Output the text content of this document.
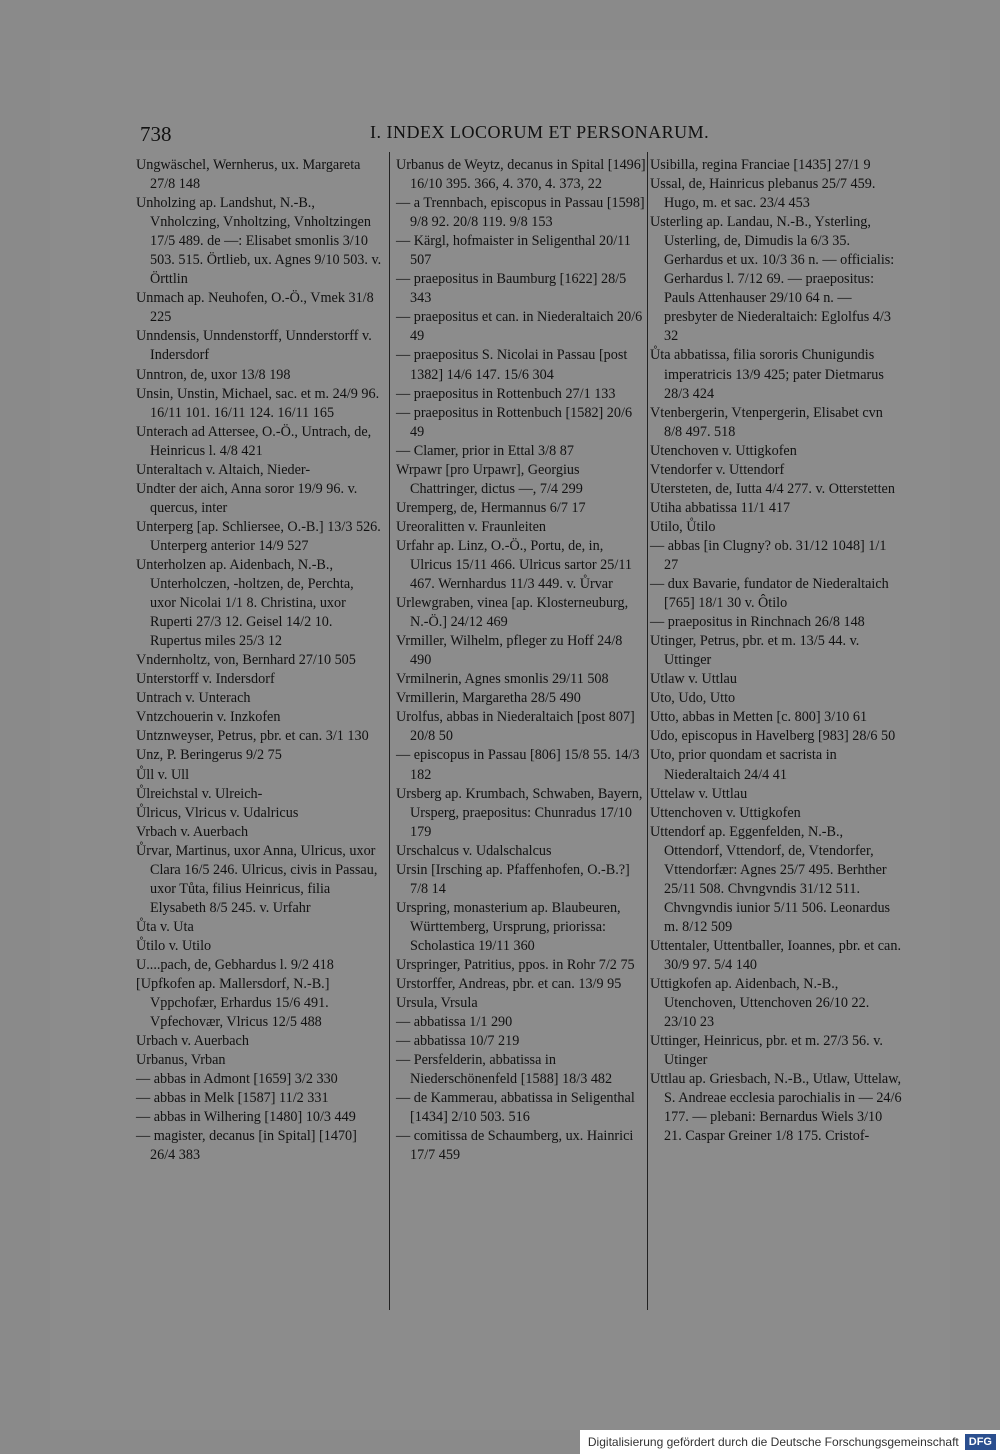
738	I. INDEX LOCORUM ET PERSONARUM.

Ungwäschel, Wernherus, ux. Margareta 27/8 148

Unholzing ap. Landshut, N.-B., Vnholczing, Vnholtzing, Vnholtzingen 17/5 489. de —: Elisabet smonlis 3/10 503. 515. Örtlieb, ux. Agnes 9/10 503. v. Örttlin

Unmach ap. Neuhofen, O.-Ö., Vmek 31/8 225

Unndensis, Unndenstorff, Unnderstorff v. Indersdorf

Unntron, de, uxor 13/8 198

Unsin, Unstin, Michael, sac. et m. 24/9 96. 16/11 101. 16/11 124. 16/11 165

Unterach ad Attersee, O.-Ö., Untrach, de, Heinricus l. 4/8 421

Unteraltach v. Altaich, Nieder-

Undter der aich, Anna soror 19/9 96. v. quercus, inter

Unterperg [ap. Schliersee, O.-B.] 13/3 526. Unterperg anterior 14/9 527

Unterholzen ap. Aidenbach, N.-B., Unterholczen, -holtzen, de, Perchta, uxor Nicolai 1/1 8. Christina, uxor Ruperti 27/3 12. Geisel 14/2 10. Rupertus miles 25/3 12

Vndernholtz, von, Bernhard 27/10 505

Unterstorff v. Indersdorf

Untrach v. Unterach

Vntzchouerin v. Inzkofen

Untznweyser, Petrus, pbr. et can. 3/1 130

Unz, P. Beringerus 9/2 75

Ůll v. Ull

Ůlreichstal v. Ulreich-

Ůlricus, Vlricus v. Udalricus

Vrbach v. Auerbach

Ůrvar, Martinus, uxor Anna, Ulricus, uxor Clara 16/5 246. Ulricus, civis in Passau, uxor Tůta, filius Heinricus, filia Elysabeth 8/5 245. v. Urfahr

Ůta v. Uta

Ůtilo v. Utilo

U....pach, de, Gebhardus l. 9/2 418

[Upfkofen ap. Mallersdorf, N.-B.] Vppchofær, Erhardus 15/6 491. Vpfechovær, Vlricus 12/5 488

Urbach v. Auerbach

Urbanus, Vrban

— abbas in Admont [1659] 3/2 330

— abbas in Melk [1587] 11/2 331

— abbas in Wilhering [1480] 10/3 449

— magister, decanus [in Spital] [1470] 26/4 383

Urbanus de Weytz, decanus in Spital [1496] 16/10 395. 366, 4. 370, 4. 373, 22

— a Trennbach, episcopus in Passau [1598] 9/8 92. 20/8 119. 9/8 153

— Kärgl, hofmaister in Seligenthal 20/11 507

— praepositus in Baumburg [1622] 28/5 343

— praepositus et can. in Niederaltaich 20/6 49

— praepositus S. Nicolai in Passau [post 1382] 14/6 147. 15/6 304

— praepositus in Rottenbuch 27/1 133

— praepositus in Rottenbuch [1582] 20/6 49

— Clamer, prior in Ettal 3/8 87

Wrpawr [pro Urpawr], Georgius Chattringer, dictus —, 7/4 299

Uremperg, de, Hermannus 6/7 17

Ureoralitten v. Fraunleiten

Urfahr ap. Linz, O.-Ö., Portu, de, in, Ulricus 15/11 466. Ulricus sartor 25/11 467. Wernhardus 11/3 449. v. Ůrvar

Urlewgraben, vinea [ap. Klosterneuburg, N.-Ö.] 24/12 469

Vrmiller, Wilhelm, pfleger zu Hoff 24/8 490

Vrmilnerin, Agnes smonlis 29/11 508

Vrmillerin, Margaretha 28/5 490

Urolfus, abbas in Niederaltaich [post 807] 20/8 50

— episcopus in Passau [806] 15/8 55. 14/3 182

Ursberg ap. Krumbach, Schwaben, Bayern, Ursperg, praepositus: Chunradus 17/10 179

Urschalcus v. Udalschalcus

Ursin [Irsching ap. Pfaffenhofen, O.-B.?] 7/8 14

Urspring, monasterium ap. Blaubeuren, Württemberg, Ursprung, priorissa: Scholastica 19/11 360

Urspringer, Patritius, ppos. in Rohr 7/2 75

Urstorffer, Andreas, pbr. et can. 13/9 95

Ursula, Vrsula

— abbatissa 1/1 290

— abbatissa 10/7 219

— Persfelderin, abbatissa in Niederschönenfeld [1588] 18/3 482

— de Kammerau, abbatissa in Seligenthal [1434] 2/10 503. 516

— comitissa de Schaumberg, ux. Hainrici 17/7 459

Usibilla, regina Franciae [1435] 27/1 9

Ussal, de, Hainricus plebanus 25/7 459. Hugo, m. et sac. 23/4 453

Usterling ap. Landau, N.-B., Ysterling, Usterling, de, Dimudis la 6/3 35. Gerhardus et ux. 10/3 36 n. — officialis: Gerhardus l. 7/12 69. — praepositus: Pauls Attenhauser 29/10 64 n. — presbyter de Niederaltaich: Eglolfus 4/3 32

Ůta abbatissa, filia sororis Chunigundis imperatricis 13/9 425; pater Dietmarus 28/3 424

Vtenbergerin, Vtenpergerin, Elisabet cvn 8/8 497. 518

Utenchoven v. Uttigkofen

Vtendorfer v. Uttendorf

Utersteten, de, Iutta 4/4 277. v. Otterstetten

Utiha abbatissa 11/1 417

Utilo, Ůtilo

— abbas [in Clugny? ob. 31/12 1048] 1/1 27

— dux Bavarie, fundator de Niederaltaich [765] 18/1 30 v. Ôtilo

— praepositus in Rinchnach 26/8 148

Utinger, Petrus, pbr. et m. 13/5 44. v. Uttinger

Utlaw v. Uttlau

Uto, Udo, Utto

Utto, abbas in Metten [c. 800] 3/10 61

Udo, episcopus in Havelberg [983] 28/6 50

Uto, prior quondam et sacrista in Niederaltaich 24/4 41

Uttelaw v. Uttlau

Uttenchoven v. Uttigkofen

Uttendorf ap. Eggenfelden, N.-B., Ottendorf, Vttendorf, de, Vtendorfer, Vttendorfær: Agnes 25/7 495. Berhther 25/11 508. Chvngvndis 31/12 511. Chvngvndis iunior 5/11 506. Leonardus m. 8/12 509

Uttentaler, Uttentballer, Ioannes, pbr. et can. 30/9 97. 5/4 140

Uttigkofen ap. Aidenbach, N.-B., Utenchoven, Uttenchoven 26/10 22. 23/10 23

Uttinger, Heinricus, pbr. et m. 27/3 56. v. Utinger

Uttlau ap. Griesbach, N.-B., Utlaw, Uttelaw, S. Andreae ecclesia parochialis in — 24/6 177. — plebani: Bernardus Wiels 3/10 21. Caspar Greiner 1/8 175. Cristof-

Digitalisierung gefördert durch die Deutsche Forschungsgemeinschaft DFG
